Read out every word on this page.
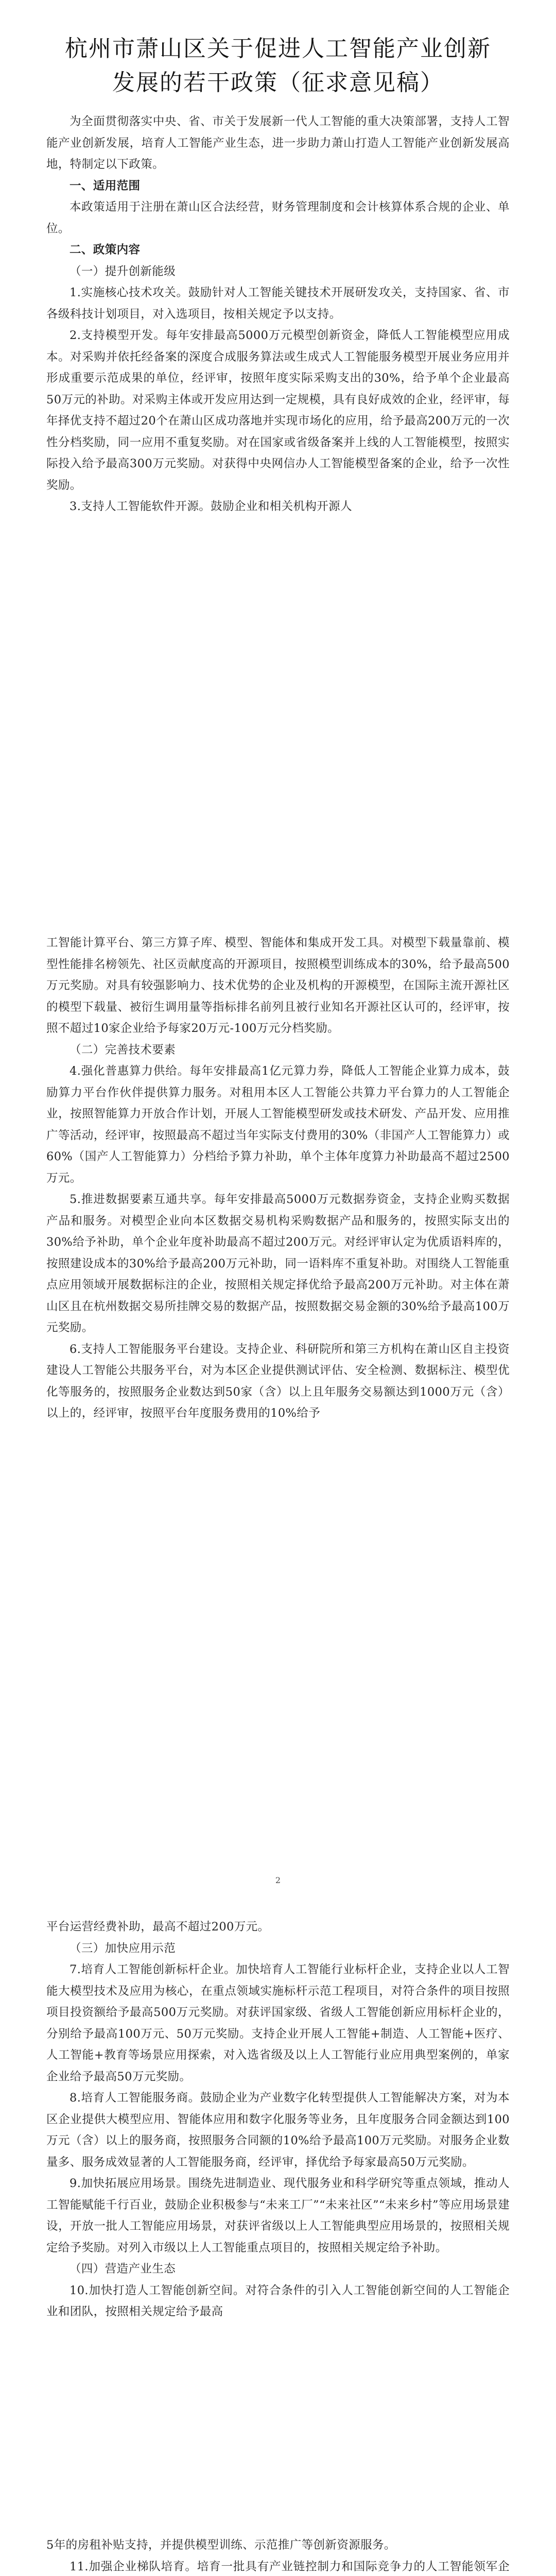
杭州市萧山区关于促进人工智能产业创新
发展的若干政策（征求意见稿）

为全面贯彻落实中央、省、市关于发展新一代人工智能的重大决策部署，支持人工智能产业创新发展，培育人工智能产业生态，进一步助力萧山打造人工智能产业创新发展高地，特制定以下政策。

一、适用范围

本政策适用于注册在萧山区合法经营，财务管理制度和会计核算体系合规的企业、单位。

二、政策内容

（一）提升创新能级

1.实施核心技术攻关。鼓励针对人工智能关键技术开展研发攻关，支持国家、省、市各级科技计划项目，对入选项目，按相关规定予以支持。

2.支持模型开发。每年安排最高5000万元模型创新资金，降低人工智能模型应用成本。对采购并依托经备案的深度合成服务算法或生成式人工智能服务模型开展业务应用并形成重要示范成果的单位，经评审，按照年度实际采购支出的30%，给予单个企业最高50万元的补助。对采购主体或开发应用达到一定规模，具有良好成效的企业，经评审，每年择优支持不超过20个在萧山区成功落地并实现市场化的应用，给予最高200万元的一次性分档奖励，同一应用不重复奖励。对在国家或省级备案并上线的人工智能模型，按照实际投入给予最高300万元奖励。对获得中央网信办人工智能模型备案的企业，给予一次性奖励。

3.支持人工智能软件开源。鼓励企业和相关机构开源人

工智能计算平台、第三方算子库、模型、智能体和集成开发工具。对模型下载量靠前、模型性能排名榜领先、社区贡献度高的开源项目，按照模型训练成本的30%，给予最高500万元奖励。对具有较强影响力、技术优势的企业及机构的开源模型，在国际主流开源社区的模型下载量、被衍生调用量等指标排名前列且被行业知名开源社区认可的，经评审，按照不超过10家企业给予每家20万元-100万元分档奖励。

（二）完善技术要素

4.强化普惠算力供给。每年安排最高1亿元算力券，降低人工智能企业算力成本，鼓励算力平台作伙伴提供算力服务。对租用本区人工智能公共算力平台算力的人工智能企业，按照智能算力开放合作计划，开展人工智能模型研发或技术研发、产品开发、应用推广等活动，经评审，按照最高不超过当年实际支付费用的30%（非国产人工智能算力）或60%（国产人工智能算力）分档给予算力补助，单个主体年度算力补助最高不超过2500万元。

5.推进数据要素互通共享。每年安排最高5000万元数据券资金，支持企业购买数据产品和服务。对模型企业向本区数据交易机构采购数据产品和服务的，按照实际支出的30%给予补助，单个企业年度补助最高不超过200万元。对经评审认定为优质语料库的，按照建设成本的30%给予最高200万元补助，同一语料库不重复补助。对围绕人工智能重点应用领域开展数据标注的企业，按照相关规定择优给予最高200万元补助。对主体在萧山区且在杭州数据交易所挂牌交易的数据产品，按照数据交易金额的30%给予最高100万元奖励。

6.支持人工智能服务平台建设。支持企业、科研院所和第三方机构在萧山区自主投资建设人工智能公共服务平台，对为本区企业提供测试评估、安全检测、数据标注、模型优化等服务的，按照服务企业数达到50家（含）以上且年服务交易额达到1000万元（含）以上的，经评审，按照平台年度服务费用的10%给予

2

平台运营经费补助，最高不超过200万元。

（三）加快应用示范

7.培育人工智能创新标杆企业。加快培育人工智能行业标杆企业，支持企业以人工智能大模型技术及应用为核心，在重点领域实施标杆示范工程项目，对符合条件的项目按照项目投资额给予最高500万元奖励。对获评国家级、省级人工智能创新应用标杆企业的，分别给予最高100万元、50万元奖励。支持企业开展人工智能+制造、人工智能+医疗、人工智能+教育等场景应用探索，对入选省级及以上人工智能行业应用典型案例的，单家企业给予最高50万元奖励。

8.培育人工智能服务商。鼓励企业为产业数字化转型提供人工智能解决方案，对为本区企业提供大模型应用、智能体应用和数字化服务等业务，且年度服务合同金额达到100万元（含）以上的服务商，按照服务合同额的10%给予最高100万元奖励。对服务企业数量多、服务成效显著的人工智能服务商，经评审，择优给予每家最高50万元奖励。

9.加快拓展应用场景。围绕先进制造业、现代服务业和科学研究等重点领域，推动人工智能赋能千行百业，鼓励企业积极参与“未来工厂”“未来社区”“未来乡村”等应用场景建设，开放一批人工智能应用场景，对获评省级以上人工智能典型应用场景的，按照相关规定给予奖励。对列入市级以上人工智能重点项目的，按照相关规定给予补助。

（四）营造产业生态

10.加快打造人工智能创新空间。对符合条件的引入人工智能创新空间的人工智能企业和团队，按照相关规定给予最高

5年的房租补贴支持，并提供模型训练、示范推广等创新资源服务。

11.加强企业梯队培育。培育一批具有产业链控制力和国际竞争力的人工智能领军企
